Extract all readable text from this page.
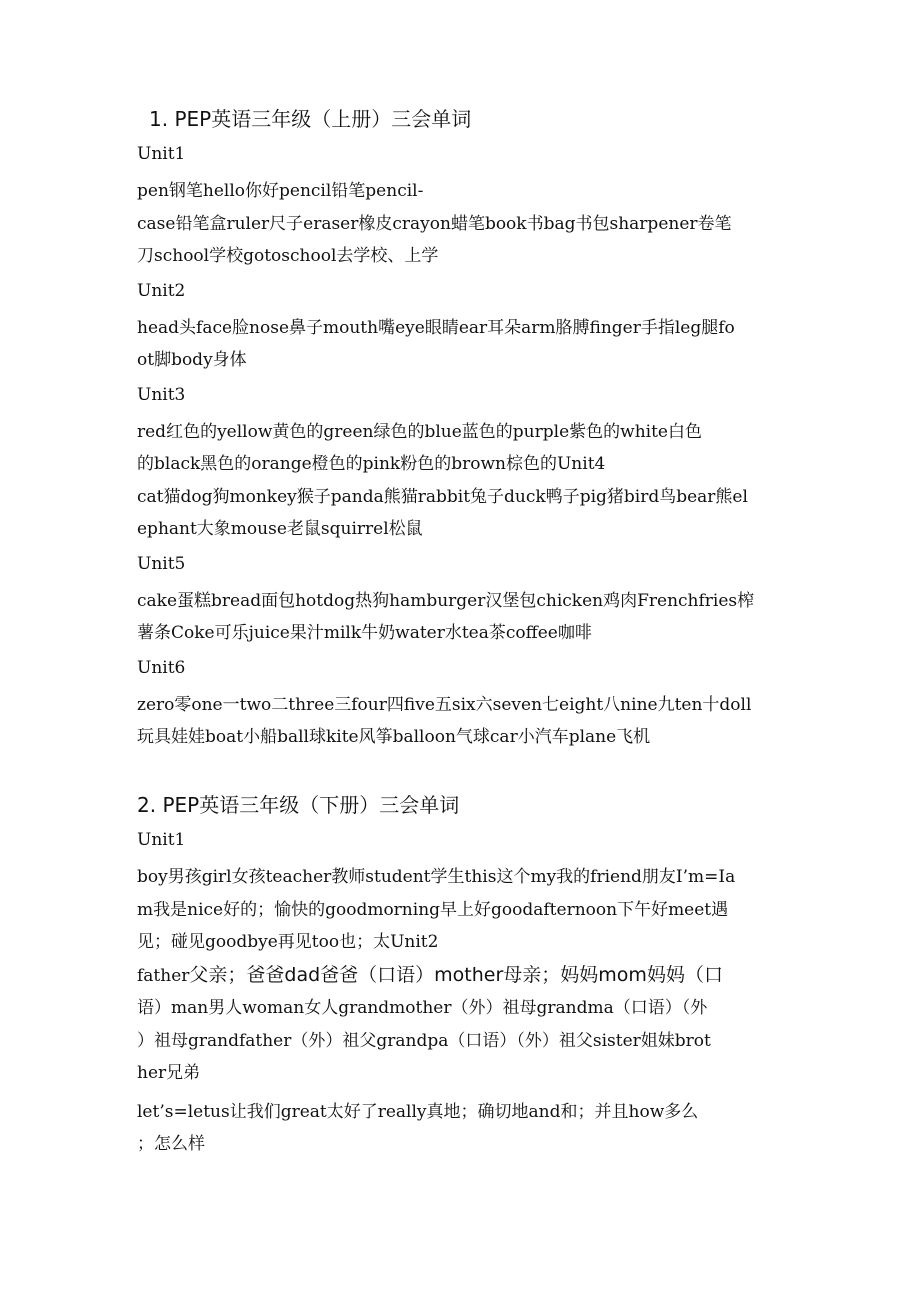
1. PEP英语三年级（上册）三会单词
Unit1
pen钢笔hello你好pencil铅笔pencil-
case铅笔盒ruler尺子eraser橡皮crayon蜡笔book书bag书包sharpener卷笔
刀school学校gotoschool去学校、上学
Unit2
head头face脸nose鼻子mouth嘴eye眼睛ear耳朵arm胳膊finger手指leg腿fo
ot脚body身体
Unit3
red红色的yellow黄色的green绿色的blue蓝色的purple紫色的white白色
的black黑色的orange橙色的pink粉色的brown棕色的Unit4
cat猫dog狗monkey猴子panda熊猫rabbit兔子duck鸭子pig猪bird鸟bear熊el
ephant大象mouse老鼠squirrel松鼠
Unit5
cake蛋糕bread面包hotdog热狗hamburger汉堡包chicken鸡肉Frenchfries榨
薯条Coke可乐juice果汁milk牛奶water水tea茶coffee咖啡
Unit6
zero零one一two二three三four四five五six六seven七eight八nine九ten十doll
玩具娃娃boat小船ball球kite风筝balloon气球car小汽车plane飞机
2. PEP英语三年级（下册）三会单词
Unit1
boy男孩girl女孩teacher教师student学生this这个my我的friend朋友I’m=Ia
m我是nice好的；愉快的goodmorning早上好goodafternoon下午好meet遇
见；碰见goodbye再见too也；太Unit2
father父亲；爸爸dad爸爸（口语）mother母亲；妈妈mom妈妈（口
语）man男人woman女人grandmother（外）祖母grandma（口语）（外
）祖母grandfather（外）祖父grandpa（口语）（外）祖父sister姐妹brot
her兄弟
let’s=letus让我们great太好了really真地；确切地and和；并且how多么
；怎么样
